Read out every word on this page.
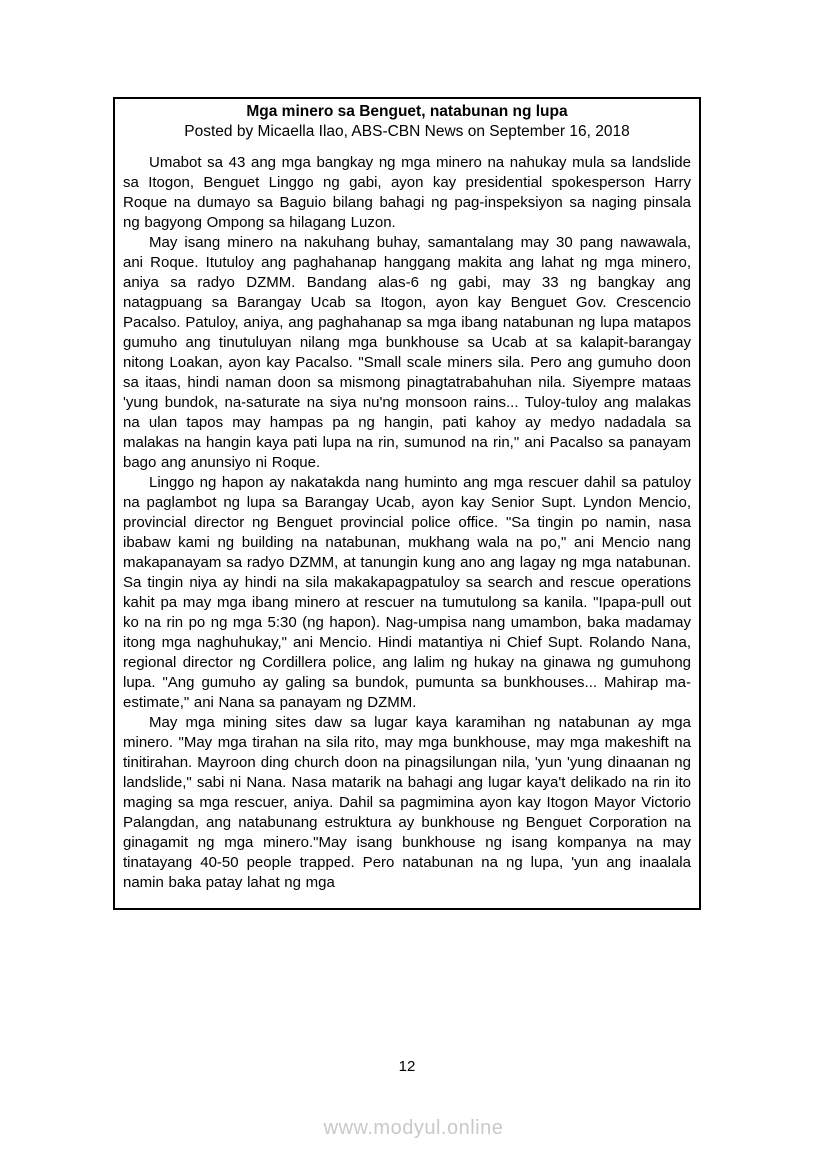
Mga minero sa Benguet, natabunan ng lupa
Posted by Micaella Ilao, ABS-CBN News on September 16, 2018

Umabot sa 43 ang mga bangkay ng mga minero na nahukay mula sa landslide sa Itogon, Benguet Linggo ng gabi, ayon kay presidential spokesperson Harry Roque na dumayo sa Baguio bilang bahagi ng pag-inspeksiyon sa naging pinsala ng bagyong Ompong sa hilagang Luzon.

May isang minero na nakuhang buhay, samantalang may 30 pang nawawala, ani Roque. Itutuloy ang paghahanap hanggang makita ang lahat ng mga minero, aniya sa radyo DZMM. Bandang alas-6 ng gabi, may 33 ng bangkay ang natagpuang sa Barangay Ucab sa Itogon, ayon kay Benguet Gov. Crescencio Pacalso. Patuloy, aniya, ang paghahanap sa mga ibang natabunan ng lupa matapos gumuho ang tinutuluyan nilang mga bunkhouse sa Ucab at sa kalapit-barangay nitong Loakan, ayon kay Pacalso. "Small scale miners sila. Pero ang gumuho doon sa itaas, hindi naman doon sa mismong pinagtatrabahuhan nila. Siyempre mataas 'yung bundok, na-saturate na siya nu'ng monsoon rains... Tuloy-tuloy ang malakas na ulan tapos may hampas pa ng hangin, pati kahoy ay medyo nadadala sa malakas na hangin kaya pati lupa na rin, sumunod na rin," ani Pacalso sa panayam bago ang anunsiyo ni Roque.

Linggo ng hapon ay nakatakda nang huminto ang mga rescuer dahil sa patuloy na paglambot ng lupa sa Barangay Ucab, ayon kay Senior Supt. Lyndon Mencio, provincial director ng Benguet provincial police office. "Sa tingin po namin, nasa ibabaw kami ng building na natabunan, mukhang wala na po," ani Mencio nang makapanayam sa radyo DZMM, at tanungin kung ano ang lagay ng mga natabunan. Sa tingin niya ay hindi na sila makakapagpatuloy sa search and rescue operations kahit pa may mga ibang minero at rescuer na tumutulong sa kanila. "Ipapa-pull out ko na rin po ng mga 5:30 (ng hapon). Nag-umpisa nang umambon, baka madamay itong mga naghuhukay," ani Mencio. Hindi matantiya ni Chief Supt. Rolando Nana, regional director ng Cordillera police, ang lalim ng hukay na ginawa ng gumuhong lupa. "Ang gumuho ay galing sa bundok, pumunta sa bunkhouses... Mahirap ma-estimate," ani Nana sa panayam ng DZMM.

May mga mining sites daw sa lugar kaya karamihan ng natabunan ay mga minero. "May mga tirahan na sila rito, may mga bunkhouse, may mga makeshift na tinitirahan. Mayroon ding church doon na pinagsilungan nila, 'yun 'yung dinaanan ng landslide," sabi ni Nana. Nasa matarik na bahagi ang lugar kaya't delikado na rin ito maging sa mga rescuer, aniya. Dahil sa pagmimina ayon kay Itogon Mayor Victorio Palangdan, ang natabunang estruktura ay bunkhouse ng Benguet Corporation na ginagamit ng mga minero."May isang bunkhouse ng isang kompanya na may tinatayang 40-50 people trapped. Pero natabunan na ng lupa, 'yun ang inaalala namin baka patay lahat ng mga

12
www.modyul.online
